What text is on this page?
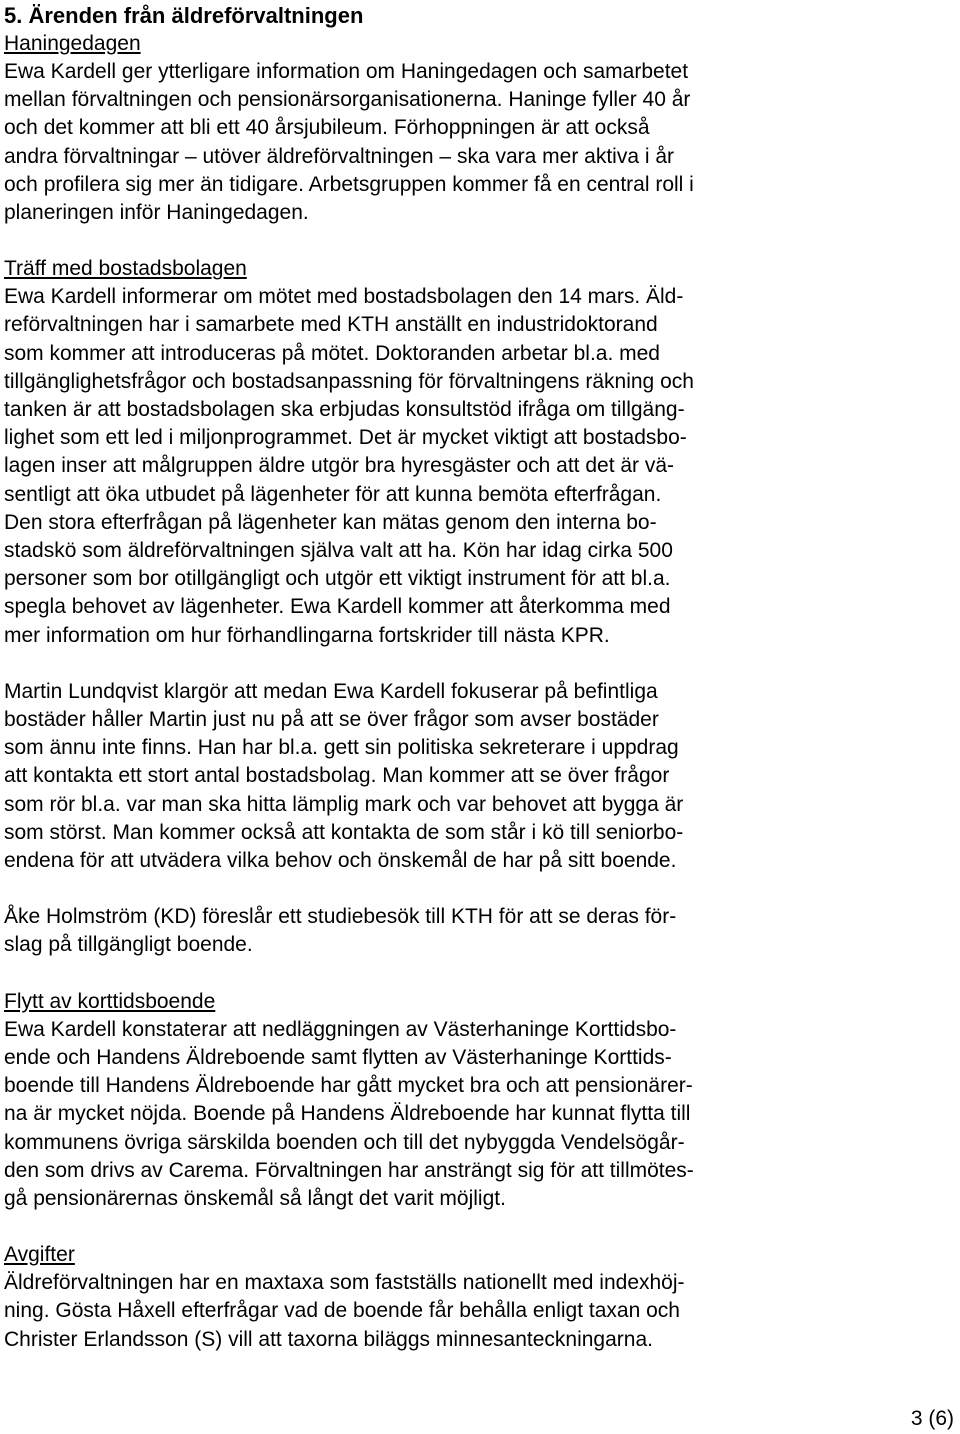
5. Ärenden från äldreförvaltningen
Haningedagen
Ewa Kardell ger ytterligare information om Haningedagen och samarbetet
mellan förvaltningen och pensionärsorganisationerna. Haninge fyller 40 år
och det kommer att bli ett 40 årsjubileum. Förhoppningen är att också
andra förvaltningar – utöver äldreförvaltningen – ska vara mer aktiva i år
och profilera sig mer än tidigare. Arbetsgruppen kommer få en central roll i
planeringen inför Haningedagen.
Träff med bostadsbolagen
Ewa Kardell informerar om mötet med bostadsbolagen den 14 mars. Äld-
reförvaltningen har i samarbete med KTH anställt en industridoktorand
som kommer att introduceras på mötet. Doktoranden arbetar bl.a. med
tillgänglighetsfrågor och bostadsanpassning för förvaltningens räkning och
tanken är att bostadsbolagen ska erbjudas konsultstöd ifråga om tillgäng-
lighet som ett led i miljonprogrammet. Det är mycket viktigt att bostadsbo-
lagen inser att målgruppen äldre utgör bra hyresgäster och att det är vä-
sentligt att öka utbudet på lägenheter för att kunna bemöta efterfrågan.
Den stora efterfrågan på lägenheter kan mätas genom den interna bo-
stadskö som äldreförvaltningen själva valt att ha. Kön har idag cirka 500
personer som bor otillgängligt och utgör ett viktigt instrument för att bl.a.
spegla behovet av lägenheter. Ewa Kardell kommer att återkomma med
mer information om hur förhandlingarna fortskrider till nästa KPR.
Martin Lundqvist klargör att medan Ewa Kardell fokuserar på befintliga
bostäder håller Martin just nu på att se över frågor som avser bostäder
som ännu inte finns. Han har bl.a. gett sin politiska sekreterare i uppdrag
att kontakta ett stort antal bostadsbolag. Man kommer att se över frågor
som rör bl.a. var man ska hitta lämplig mark och var behovet att bygga är
som störst. Man kommer också att kontakta de som står i kö till seniorbo-
endena för att utvädera vilka behov och önskemål de har på sitt boende.
Åke Holmström (KD) föreslår ett studiebesök till KTH för att se deras för-
slag på tillgängligt boende.
Flytt av korttidsboende
Ewa Kardell konstaterar att nedläggningen av Västerhaninge Korttidsbo-
ende och Handens Äldreboende samt flytten av Västerhaninge Korttids-
boende till Handens Äldreboende har gått mycket bra och att pensionärer-
na är mycket nöjda. Boende på Handens Äldreboende har kunnat flytta till
kommunens övriga särskilda boenden och till det nybyggda Vendelsögår-
den som drivs av Carema. Förvaltningen har ansträngt sig för att tillmötes-
gå pensionärernas önskemål så långt det varit möjligt.
Avgifter
Äldreförvaltningen har en maxtaxa som fastställs nationellt med indexhöj-
ning. Gösta Håxell efterfrågar vad de boende får behålla enligt taxan och
Christer Erlandsson (S) vill att taxorna biläggs minnesanteckningarna.
3 (6)
